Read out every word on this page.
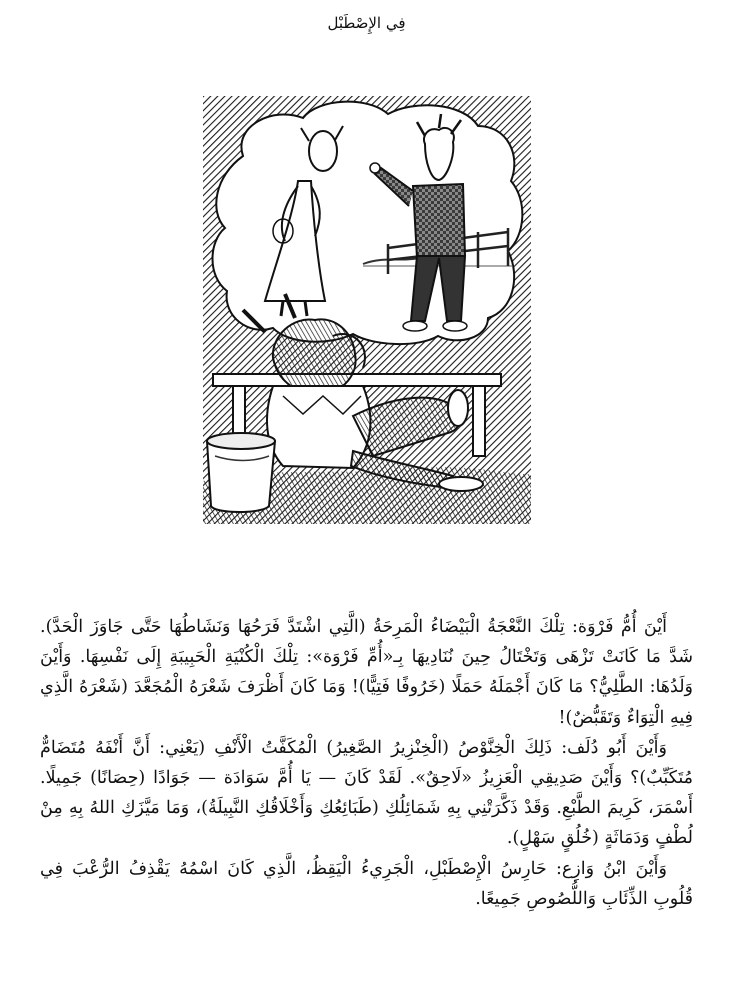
فِي الإِصْطَبْل

أَيْنَ أُمُّ فَرْوَة: تِلْكَ النَّعْجَةُ الْبَيْضَاءُ الْمَرِحَةُ (الَّتِي اشْتَدَّ فَرَحُهَا وَنَشَاطُهَا حَتَّى جَاوَزَ الْحَدَّ). شَدَّ مَا كَانَتْ تَزْهَى وَتَخْتَالُ حِينَ نُنَادِيهَا بِـ«أُمِّ فَرْوَة»: تِلْكَ الْكُنْيَةِ الْحَبِيبَةِ إِلَى نَفْسِهَا. وَأَيْنَ وَلَدُهَا: الطَّلِيُّ؟ مَا كَانَ أَجْمَلَهُ حَمَلًا (خَرُوفًا فَتِيًّا)! وَمَا كَانَ أَظْرَفَ شَعْرَهُ الْمُجَعَّدَ (شَعْرَهُ الَّذِي فِيهِ الْتِوَاءٌ وَتَقَبُّضٌ)!

وَأَيْنَ أَبُو دُلَف: ذَلِكَ الْخِنَّوْصُ (الْخِنْزِيرُ الصَّغِيرُ) الْمُكَفَّتُ الْأَنْفِ (يَعْنِي: أَنَّ أَنْفَهُ مُتَضَامٌّ مُتَكَبِّبٌ)؟ وَأَيْنَ صَدِيقِي الْعَزِيزُ «لَاحِقٌ». لَقَدْ كَانَ — يَا أُمَّ سَوَادَة — جَوَادًا (حِصَانًا) جَمِيلًا. أَسْمَرَ، كَرِيمَ الطَّبْعِ. وَقَدْ ذَكَّرَتْنِي بِهِ شَمَائِلُكِ (طَبَائِعُكِ وَأَخْلَاقُكِ النَّبِيلَةُ)، وَمَا مَيَّزَكِ اللهُ بِهِ مِنْ لُطْفٍ وَدَمَاثَةٍ (خُلُقٍ سَهْلٍ).

وَأَيْنَ ابْنُ وَازِع: حَارِسُ الْإِصْطَبْلِ، الْجَرِيءُ الْيَقِظُ، الَّذِي كَانَ اسْمُهُ يَقْذِفُ الرُّعْبَ فِي قُلُوبِ الذِّئَابِ وَاللُّصُوصِ جَمِيعًا.
